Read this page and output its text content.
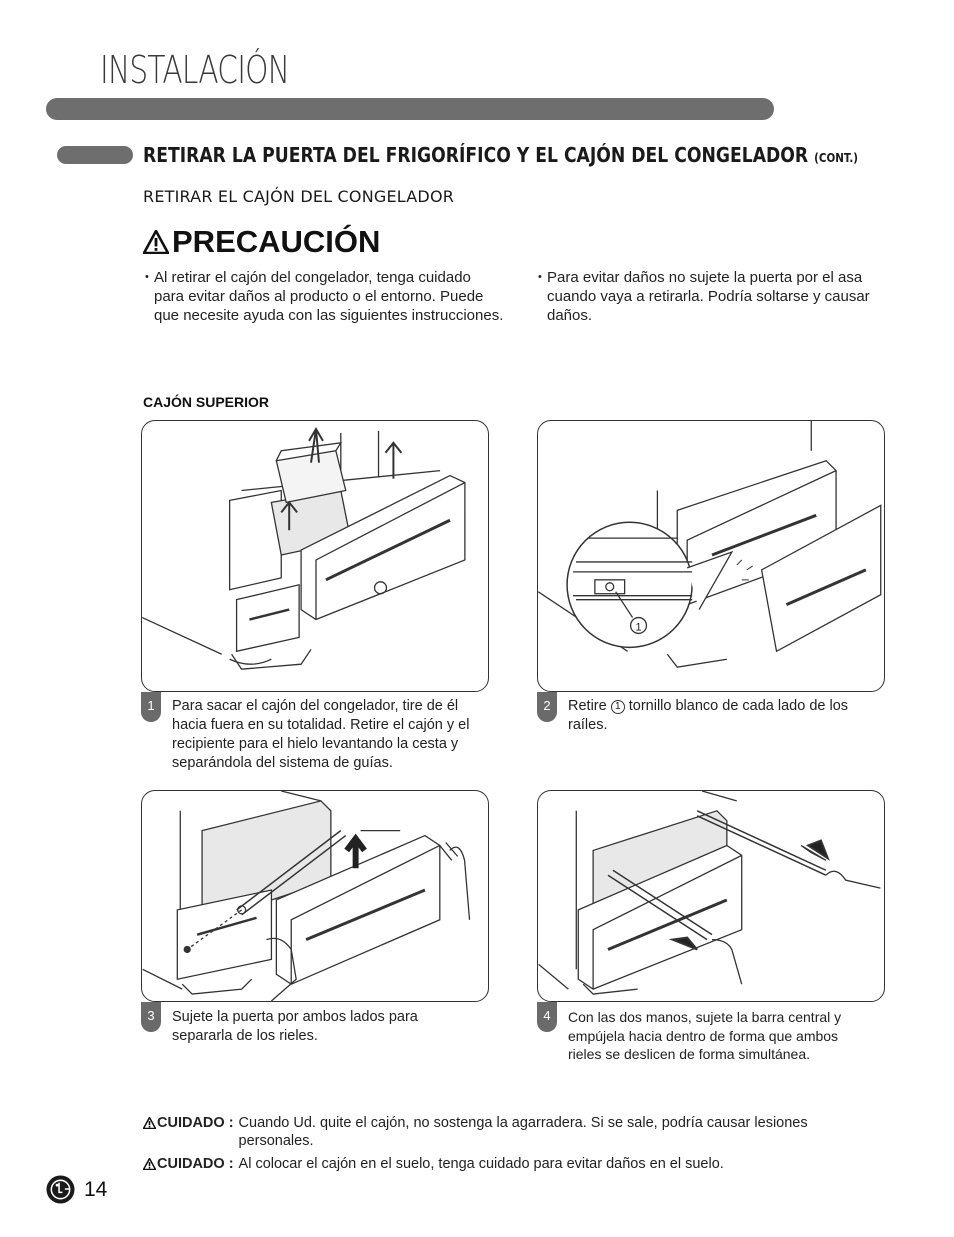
INSTALACIÓN
RETIRAR LA PUERTA DEL FRIGORÍFICO Y EL CAJÓN DEL CONGELADOR (CONT.)
RETIRAR EL CAJÓN DEL CONGELADOR
PRECAUCIÓN
• Al retirar el cajón del congelador, tenga cuidado para evitar daños al producto o el entorno. Puede que necesite ayuda con las siguientes instrucciones.
• Para evitar daños no sujete la puerta por el asa cuando vaya a retirarla. Podría soltarse y causar daños.
CAJÓN SUPERIOR
1	Para sacar el cajón del congelador, tire de él hacia fuera en su totalidad. Retire el cajón y el recipiente para el hielo levantando la cesta y separándola del sistema de guías.
1
2	Retire 1 tornillo blanco de cada lado de los raíles.
3	Sujete la puerta por ambos lados para separarla de los rieles.
4	Con las dos manos, sujete la barra central y empújela hacia dentro de forma que ambos rieles se deslicen de forma simultánea.
CUIDADO : Cuando Ud. quite el cajón, no sostenga la agarradera. Si se sale, podría causar lesiones personales.
CUIDADO : Al colocar el cajón en el suelo, tenga cuidado para evitar daños en el suelo.
14
